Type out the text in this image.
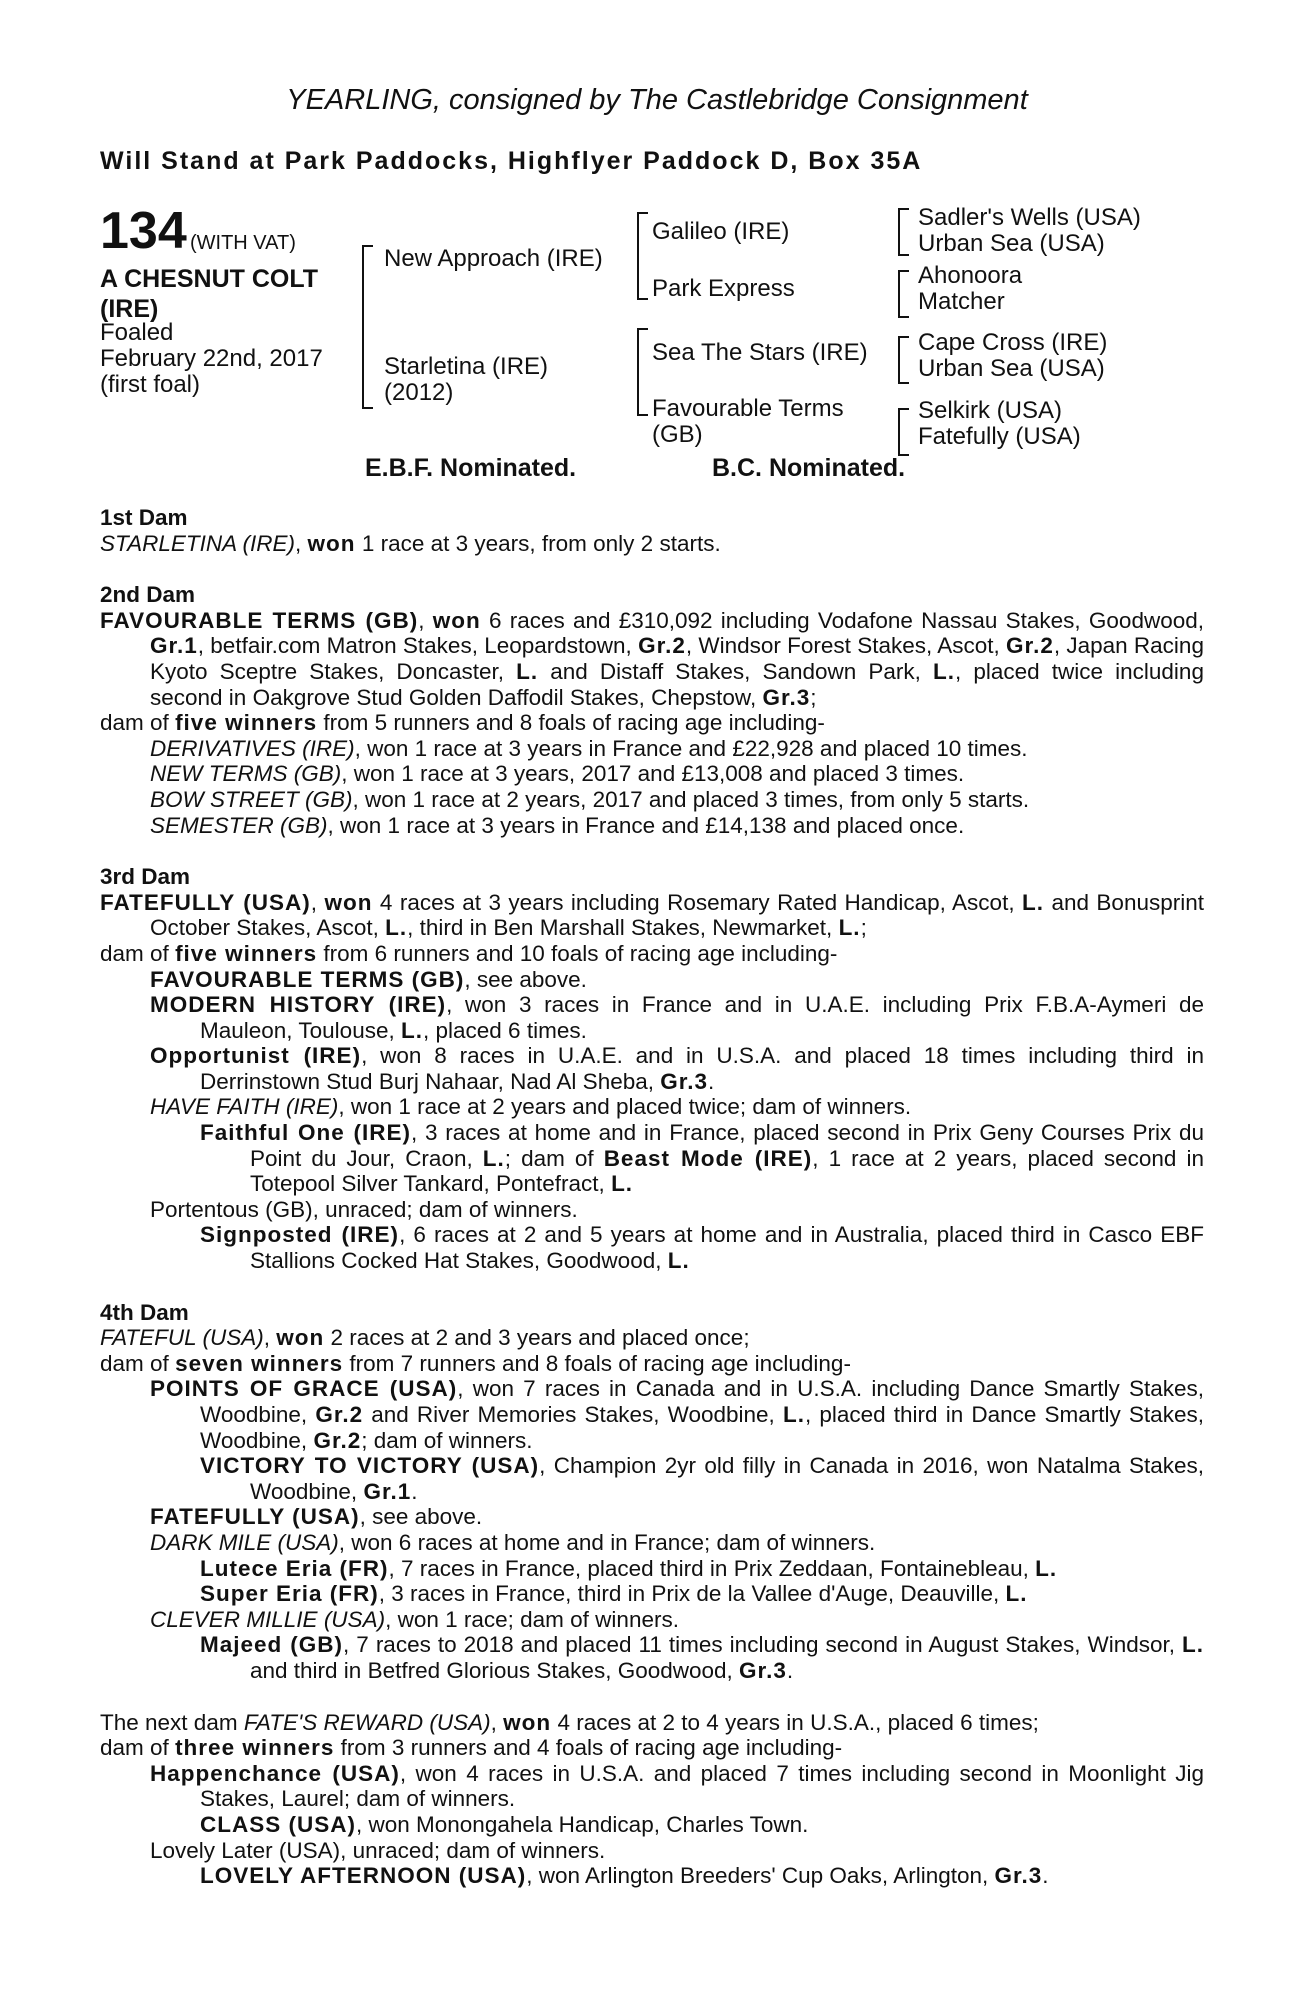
YEARLING, consigned by The Castlebridge Consignment
Will Stand at Park Paddocks, Highflyer Paddock D, Box 35A
134 (WITH VAT)
A CHESNUT COLT
(IRE)
Foaled
February 22nd, 2017
(first foal)
New Approach (IRE)
Starletina (IRE)
(2012)
Galileo (IRE)
Park Express
Sea The Stars (IRE)
Favourable Terms
(GB)
Sadler's Wells (USA)
Urban Sea (USA)
Ahonoora
Matcher
Cape Cross (IRE)
Urban Sea (USA)
Selkirk (USA)
Fatefully (USA)
E.B.F. Nominated.	B.C. Nominated.
1st Dam
STARLETINA (IRE), won 1 race at 3 years, from only 2 starts.
2nd Dam
FAVOURABLE TERMS (GB), won 6 races and £310,092 including Vodafone Nassau Stakes, Goodwood, Gr.1, betfair.com Matron Stakes, Leopardstown, Gr.2, Windsor Forest Stakes, Ascot, Gr.2, Japan Racing Kyoto Sceptre Stakes, Doncaster, L. and Distaff Stakes, Sandown Park, L., placed twice including second in Oakgrove Stud Golden Daffodil Stakes, Chepstow, Gr.3;
dam of five winners from 5 runners and 8 foals of racing age including-
DERIVATIVES (IRE), won 1 race at 3 years in France and £22,928 and placed 10 times.
NEW TERMS (GB), won 1 race at 3 years, 2017 and £13,008 and placed 3 times.
BOW STREET (GB), won 1 race at 2 years, 2017 and placed 3 times, from only 5 starts.
SEMESTER (GB), won 1 race at 3 years in France and £14,138 and placed once.
3rd Dam
FATEFULLY (USA), won 4 races at 3 years including Rosemary Rated Handicap, Ascot, L. and Bonusprint October Stakes, Ascot, L., third in Ben Marshall Stakes, Newmarket, L.;
dam of five winners from 6 runners and 10 foals of racing age including-
FAVOURABLE TERMS (GB), see above.
MODERN HISTORY (IRE), won 3 races in France and in U.A.E. including Prix F.B.A-Aymeri de Mauleon, Toulouse, L., placed 6 times.
Opportunist (IRE), won 8 races in U.A.E. and in U.S.A. and placed 18 times including third in Derrinstown Stud Burj Nahaar, Nad Al Sheba, Gr.3.
HAVE FAITH (IRE), won 1 race at 2 years and placed twice; dam of winners.
Faithful One (IRE), 3 races at home and in France, placed second in Prix Geny Courses Prix du Point du Jour, Craon, L.; dam of Beast Mode (IRE), 1 race at 2 years, placed second in Totepool Silver Tankard, Pontefract, L.
Portentous (GB), unraced; dam of winners.
Signposted (IRE), 6 races at 2 and 5 years at home and in Australia, placed third in Casco EBF Stallions Cocked Hat Stakes, Goodwood, L.
4th Dam
FATEFUL (USA), won 2 races at 2 and 3 years and placed once;
dam of seven winners from 7 runners and 8 foals of racing age including-
POINTS OF GRACE (USA), won 7 races in Canada and in U.S.A. including Dance Smartly Stakes, Woodbine, Gr.2 and River Memories Stakes, Woodbine, L., placed third in Dance Smartly Stakes, Woodbine, Gr.2; dam of winners.
VICTORY TO VICTORY (USA), Champion 2yr old filly in Canada in 2016, won Natalma Stakes, Woodbine, Gr.1.
FATEFULLY (USA), see above.
DARK MILE (USA), won 6 races at home and in France; dam of winners.
Lutece Eria (FR), 7 races in France, placed third in Prix Zeddaan, Fontainebleau, L.
Super Eria (FR), 3 races in France, third in Prix de la Vallee d'Auge, Deauville, L.
CLEVER MILLIE (USA), won 1 race; dam of winners.
Majeed (GB), 7 races to 2018 and placed 11 times including second in August Stakes, Windsor, L. and third in Betfred Glorious Stakes, Goodwood, Gr.3.
The next dam FATE'S REWARD (USA), won 4 races at 2 to 4 years in U.S.A., placed 6 times;
dam of three winners from 3 runners and 4 foals of racing age including-
Happenchance (USA), won 4 races in U.S.A. and placed 7 times including second in Moonlight Jig Stakes, Laurel; dam of winners.
CLASS (USA), won Monongahela Handicap, Charles Town.
Lovely Later (USA), unraced; dam of winners.
LOVELY AFTERNOON (USA), won Arlington Breeders' Cup Oaks, Arlington, Gr.3.
